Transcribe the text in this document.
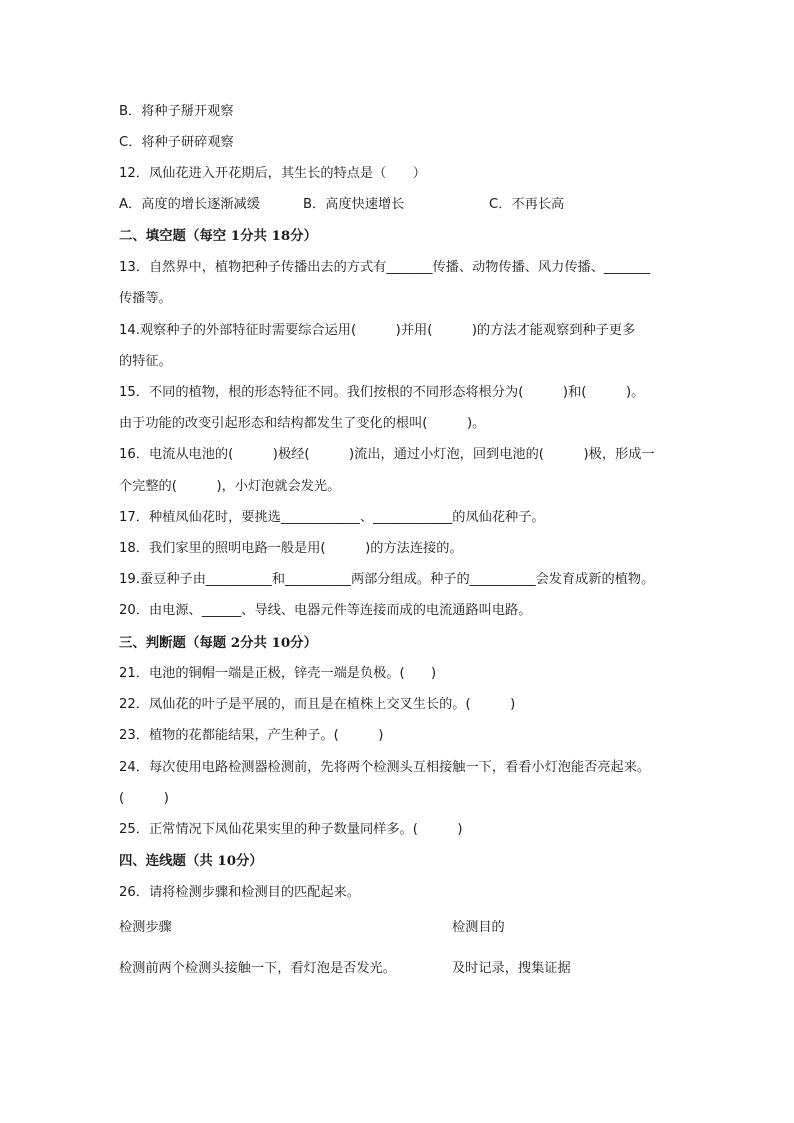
B．将种子掰开观察
C．将种子研碎观察
12．凤仙花进入开花期后，其生长的特点是（　　）
A．高度的增长逐渐减缓	B．高度快速增长	C．不再长高
二、填空题（每空 1分共 18分）
13．自然界中，植物把种子传播出去的方式有_______传播、动物传播、风力传播、_______
传播等。
14.观察种子的外部特征时需要综合运用(　　　)并用(　　　)的方法才能观察到种子更多
的特征。
15．不同的植物，根的形态特征不同。我们按根的不同形态将根分为(　　　)和(　　　)。
由于功能的改变引起形态和结构都发生了变化的根叫(　　　)。
16．电流从电池的(　　　)极经(　　　)流出，通过小灯泡，回到电池的(　　　)极，形成一
个完整的(　　　)，小灯泡就会发光。
17．种植凤仙花时，要挑选____________、____________的凤仙花种子。
18．我们家里的照明电路一般是用(　　　)的方法连接的。
19.蚕豆种子由__________和__________两部分组成。种子的__________会发育成新的植物。
20．由电源、______、导线、电器元件等连接而成的电流通路叫电路。
三、判断题（每题 2分共 10分）
21．电池的铜帽一端是正极，锌壳一端是负极。(　　)
22．凤仙花的叶子是平展的，而且是在植株上交叉生长的。(　　　)
23．植物的花都能结果，产生种子。(　　　)
24．每次使用电路检测器检测前，先将两个检测头互相接触一下，看看小灯泡能否亮起来。
(　　　)
25．正常情况下凤仙花果实里的种子数量同样多。(　　　)
四、连线题（共 10分）
26．请将检测步骤和检测目的匹配起来。
检测步骤	检测目的
检测前两个检测头接触一下，看灯泡是否发光。	及时记录，搜集证据
